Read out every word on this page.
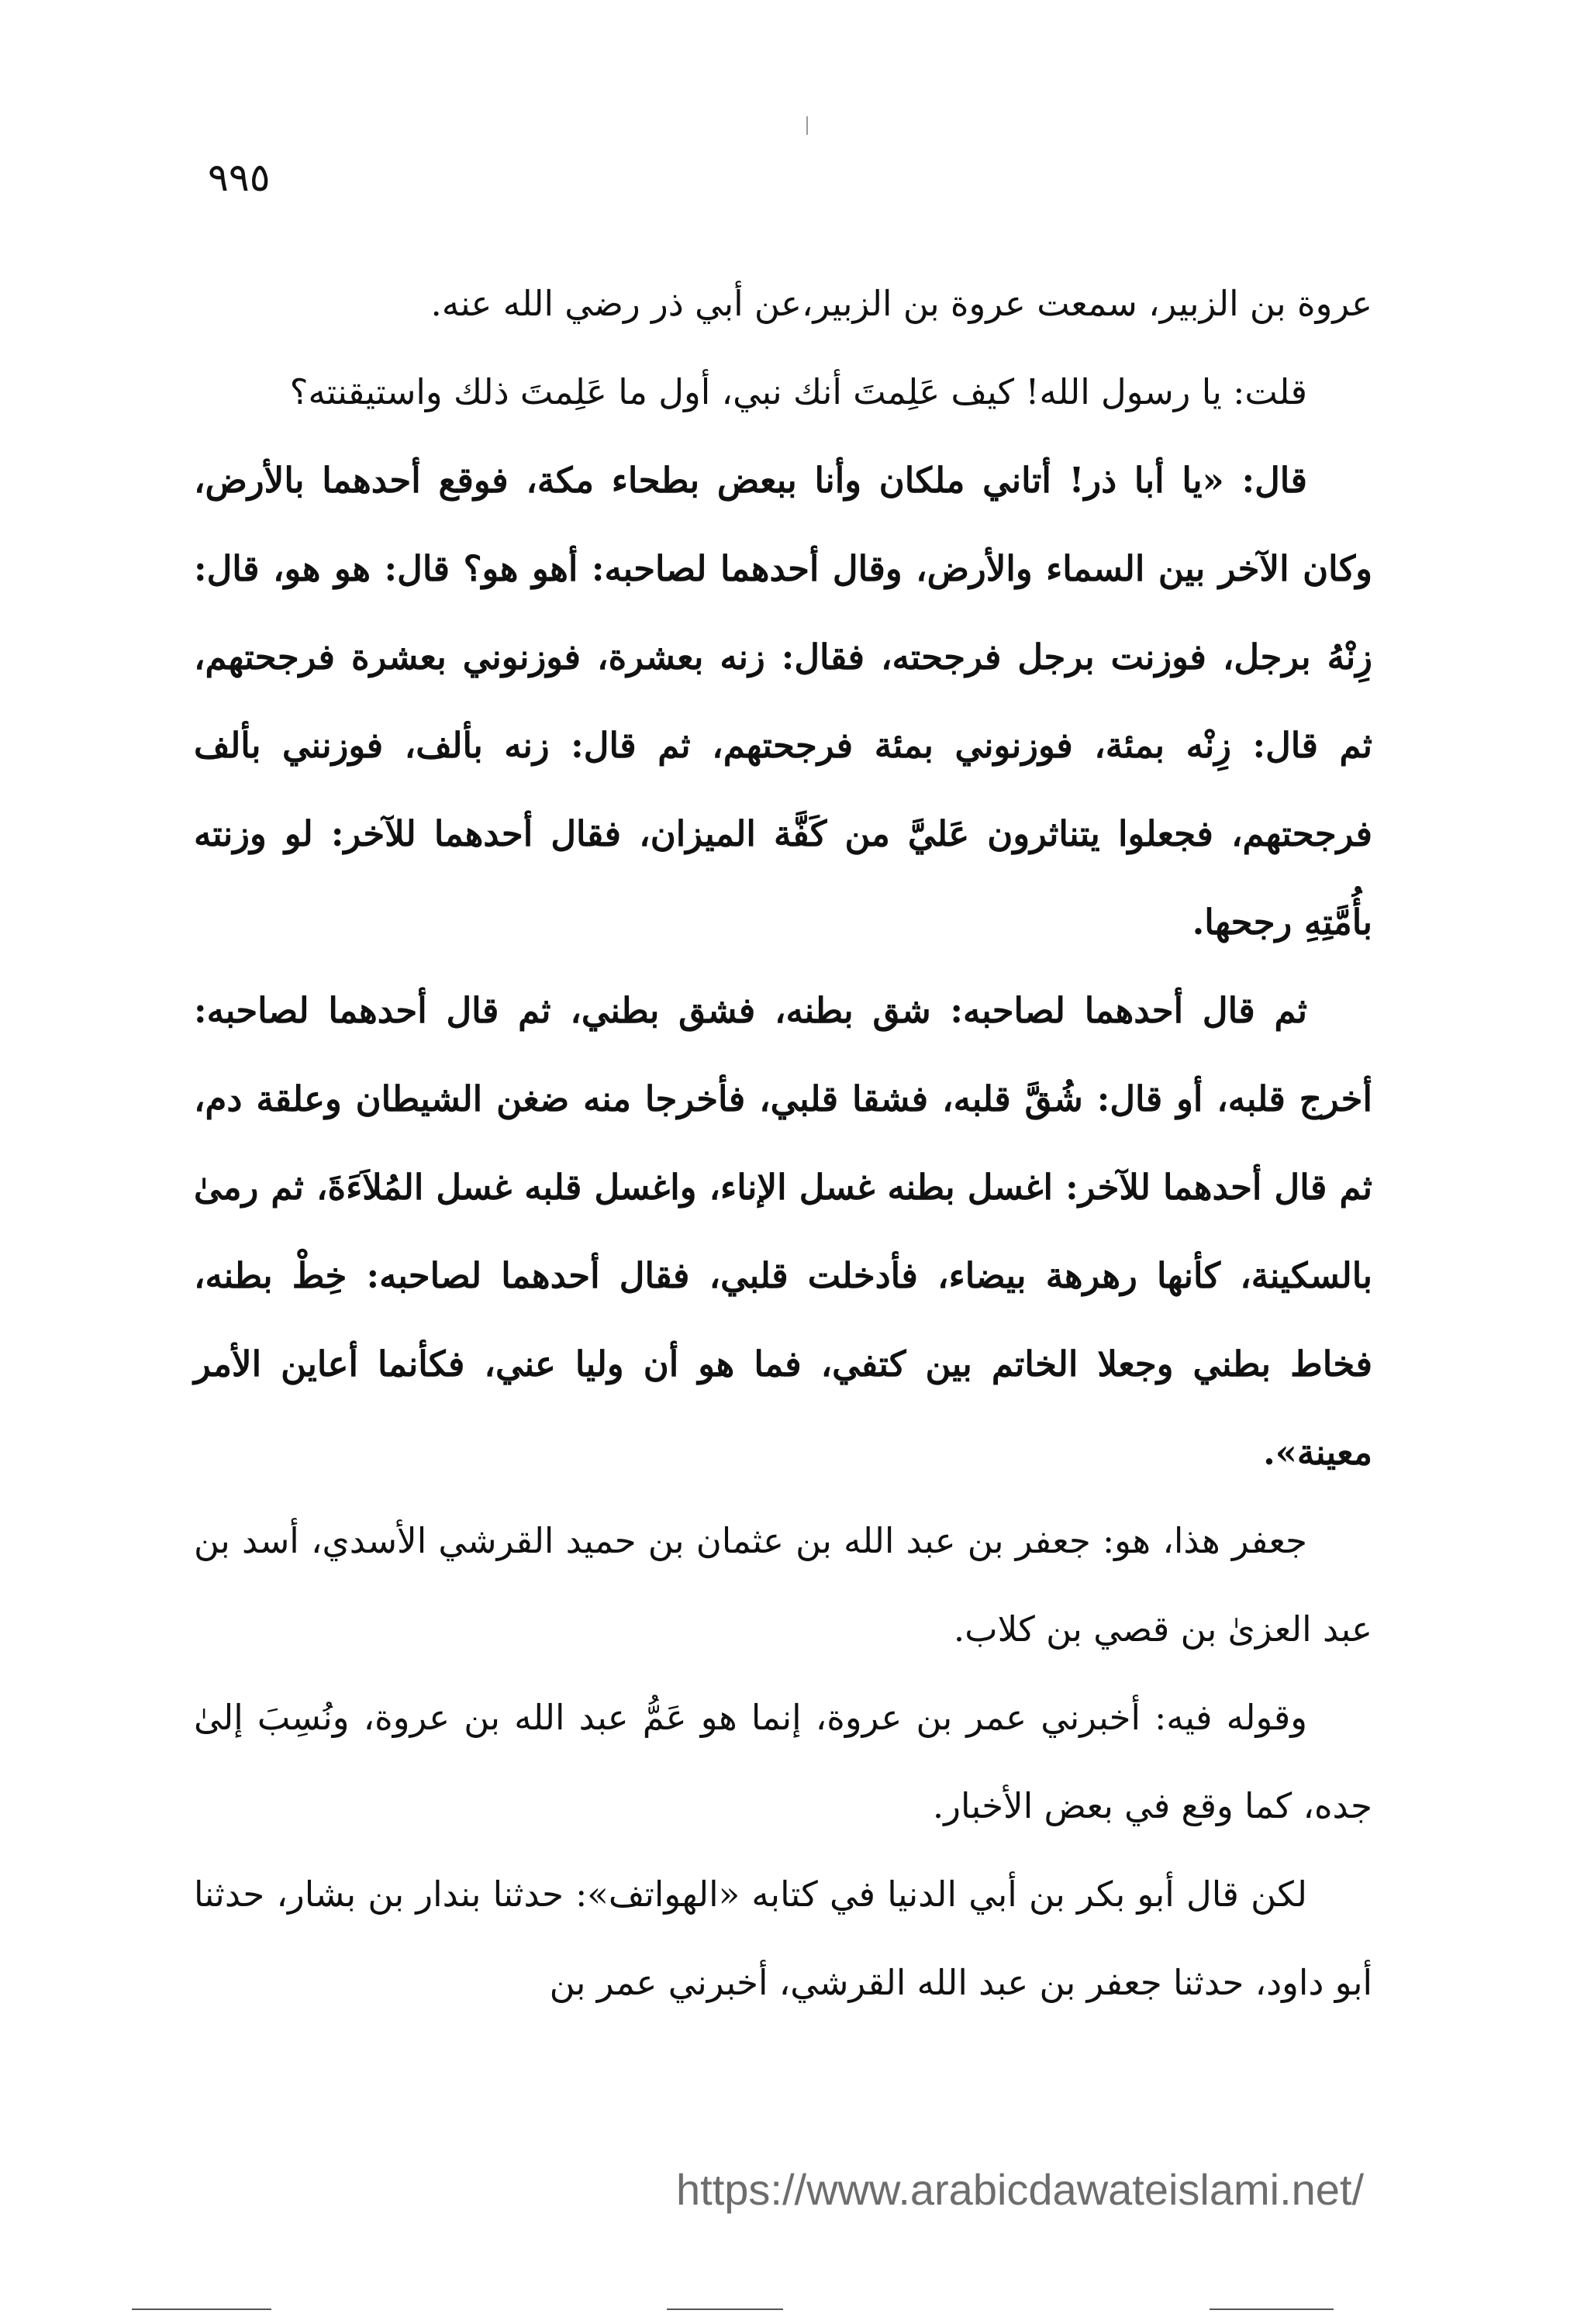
٩٩٥

عروة بن الزبير، سمعت عروة بن الزبير،عن أبي ذر رضي الله عنه.

قلت: يا رسول الله! كيف عَلِمتَ أنك نبي، أول ما عَلِمتَ ذلك واستيقنته؟

قال: «يا أبا ذر! أتاني ملكان وأنا ببعض بطحاء مكة، فوقع أحدهما بالأرض، وكان الآخر بين السماء والأرض، وقال أحدهما لصاحبه: أهو هو؟ قال: هو هو، قال: زِنْهُ برجل، فوزنت برجل فرجحته، فقال: زنه بعشرة، فوزنوني بعشرة فرجحتهم، ثم قال: زِنْه بمئة، فوزنوني بمئة فرجحتهم، ثم قال: زنه بألف، فوزنني بألف فرجحتهم، فجعلوا يتناثرون عَليَّ من كَفَّة الميزان، فقال أحدهما للآخر: لو وزنته بأُمَّتِهِ رجحها.

ثم قال أحدهما لصاحبه: شق بطنه، فشق بطني، ثم قال أحدهما لصاحبه: أخرج قلبه، أو قال: شُقَّ قلبه، فشقا قلبي، فأخرجا منه ضغن الشيطان وعلقة دم، ثم قال أحدهما للآخر: اغسل بطنه غسل الإناء، واغسل قلبه غسل المُلاَءَةَ، ثم رمىٰ بالسكينة، كأنها رهرهة بيضاء، فأدخلت قلبي، فقال أحدهما لصاحبه: خِطْ بطنه، فخاط بطني وجعلا الخاتم بين كتفي، فما هو أن وليا عني، فكأنما أعاين الأمر معينة».

جعفر هذا، هو: جعفر بن عبد الله بن عثمان بن حميد القرشي الأسدي، أسد بن عبد العزىٰ بن قصي بن كلاب.

وقوله فيه: أخبرني عمر بن عروة، إنما هو عَمُّ عبد الله بن عروة، ونُسِبَ إلىٰ جده، كما وقع في بعض الأخبار.

لكن قال أبو بكر بن أبي الدنيا في كتابه «الهواتف»: حدثنا بندار بن بشار، حدثنا أبو داود، حدثنا جعفر بن عبد الله القرشي، أخبرني عمر بن

https://www.arabicdawateislami.net/
